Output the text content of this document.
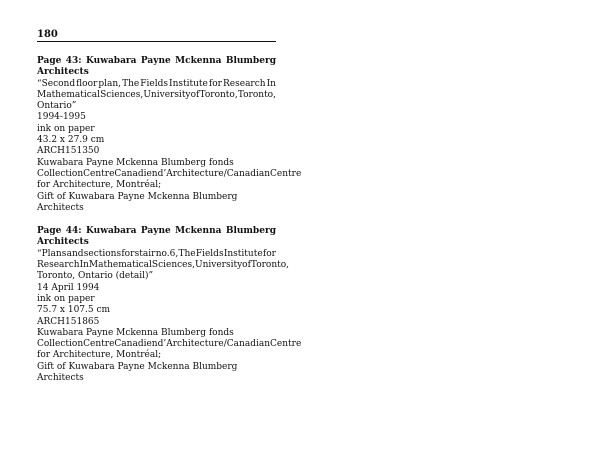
180
Page 43: Kuwabara Payne Mckenna Blumberg
Architects
“Second floor plan, The Fields Institute for Research In
Mathematical Sciences, University of Toronto, Toronto,
Ontario”
1994-1995
ink on paper
43.2 x 27.9 cm
ARCH151350
Kuwabara Payne Mckenna Blumberg fonds
Collection Centre Canadien d’Architecture/ Canadian Centre
for Architecture, Montréal;
Gift of Kuwabara Payne Mckenna Blumberg Architects
Page 44: Kuwabara Payne Mckenna Blumberg
Architects
“Plans and sections for stair no.6, The Fields Institute for
Research In Mathematical Sciences, University of Toronto,
Toronto, Ontario (detail)”
14 April 1994
ink on paper
75.7 x 107.5 cm
ARCH151865
Kuwabara Payne Mckenna Blumberg fonds
Collection Centre Canadien d’Architecture/ Canadian Centre
for Architecture, Montréal;
Gift of Kuwabara Payne Mckenna Blumberg Architects
